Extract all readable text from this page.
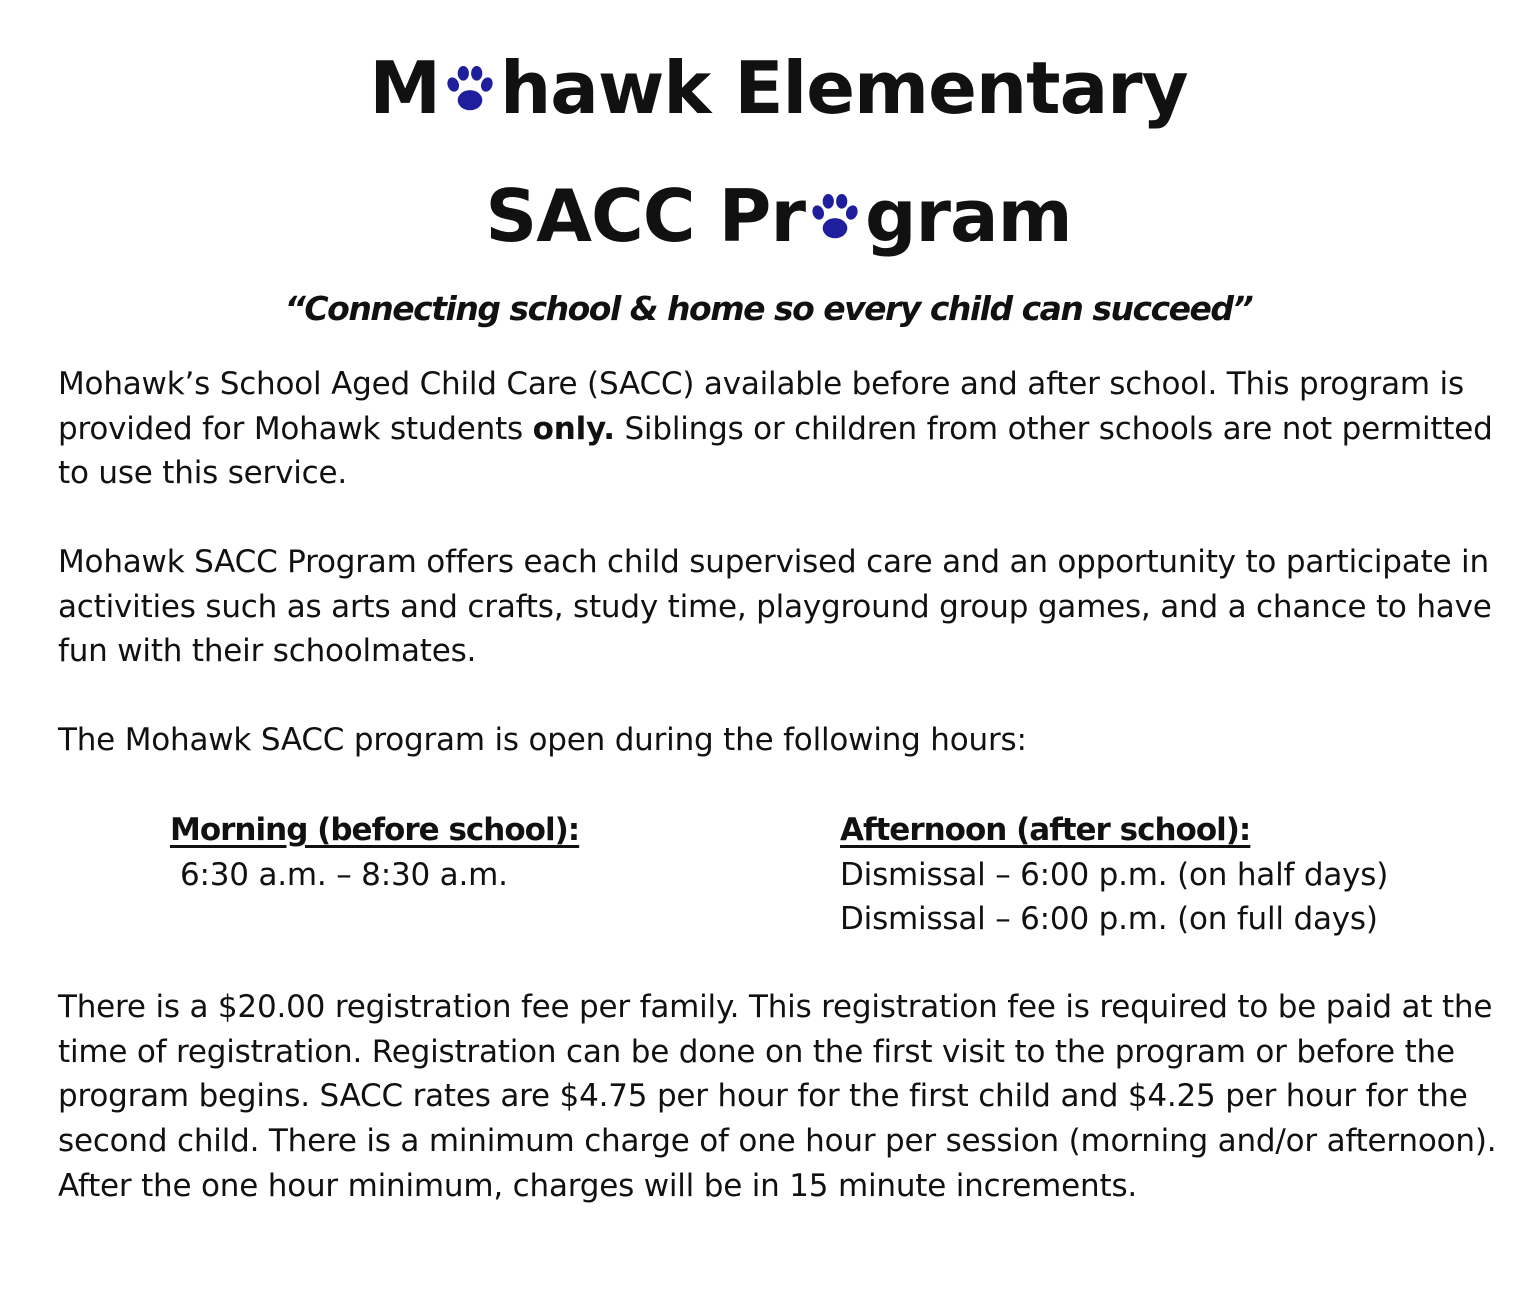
M hawk Elementary
SACC Pr gram
“Connecting school & home so every child can succeed”

Mohawk’s School Aged Child Care (SACC) available before and after school. This program is provided for Mohawk students only. Siblings or children from other schools are not permitted to use this service.

Mohawk SACC Program offers each child supervised care and an opportunity to participate in activities such as arts and crafts, study time, playground group games, and a chance to have fun with their schoolmates.

The Mohawk SACC program is open during the following hours:

Morning (before school):
6:30 a.m. – 8:30 a.m.
Afternoon (after school):
Dismissal – 6:00 p.m. (on half days)
Dismissal – 6:00 p.m. (on full days)

There is a $20.00 registration fee per family. This registration fee is required to be paid at the time of registration. Registration can be done on the first visit to the program or before the program begins. SACC rates are $4.75 per hour for the first child and $4.25 per hour for the second child. There is a minimum charge of one hour per session (morning and/or afternoon). After the one hour minimum, charges will be in 15 minute increments.
